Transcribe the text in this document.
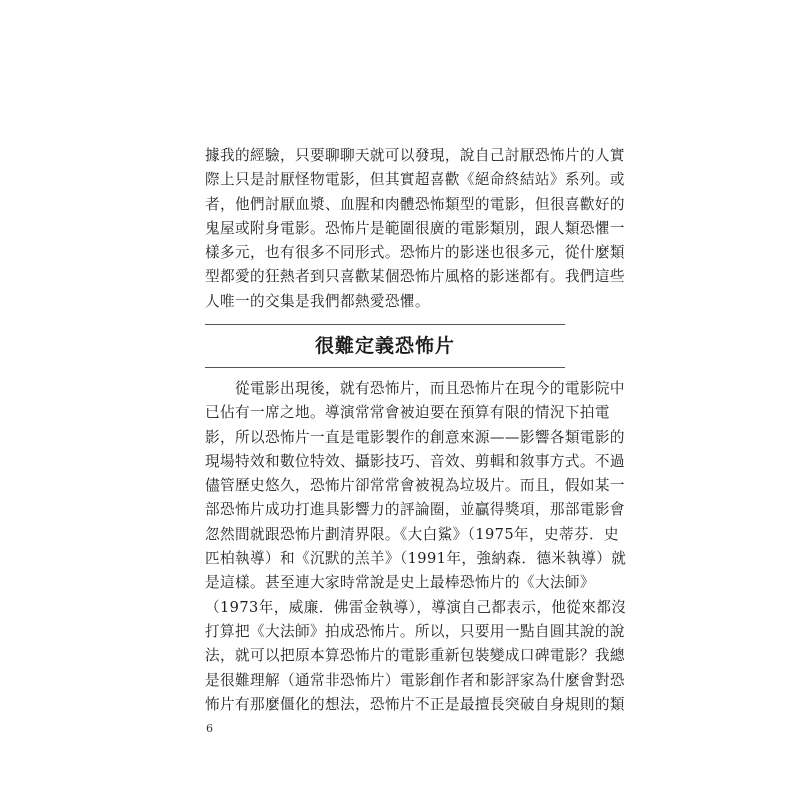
據我的經驗，只要聊聊天就可以發現，說自己討厭恐怖片的人實
際上只是討厭怪物電影，但其實超喜歡《絕命終結站》系列。或
者，他們討厭血漿、血腥和肉體恐怖類型的電影，但很喜歡好的
鬼屋或附身電影。恐怖片是範圍很廣的電影類別，跟人類恐懼一
樣多元，也有很多不同形式。恐怖片的影迷也很多元，從什麼類
型都愛的狂熱者到只喜歡某個恐怖片風格的影迷都有。我們這些
人唯一的交集是我們都熱愛恐懼。
很難定義恐怖片
　　從電影出現後，就有恐怖片，而且恐怖片在現今的電影院中
已佔有一席之地。導演常常會被迫要在預算有限的情況下拍電
影，所以恐怖片一直是電影製作的創意來源——影響各類電影的
現場特效和數位特效、攝影技巧、音效、剪輯和敘事方式。不過
儘管歷史悠久，恐怖片卻常常會被視為垃圾片。而且，假如某一
部恐怖片成功打進具影響力的評論圈，並贏得獎項，那部電影會
忽然間就跟恐怖片劃清界限。《大白鯊》（1975年，史蒂芬．史
匹柏執導）和《沉默的羔羊》（1991年，強納森．德米執導）就
是這樣。甚至連大家時常說是史上最棒恐怖片的《大法師》
（1973年，威廉．佛雷金執導），導演自己都表示，他從來都沒
打算把《大法師》拍成恐怖片。所以，只要用一點自圓其說的說
法，就可以把原本算恐怖片的電影重新包裝變成口碑電影？我總
是很難理解（通常非恐怖片）電影創作者和影評家為什麼會對恐
怖片有那麼僵化的想法，恐怖片不正是最擅長突破自身規則的類
6
